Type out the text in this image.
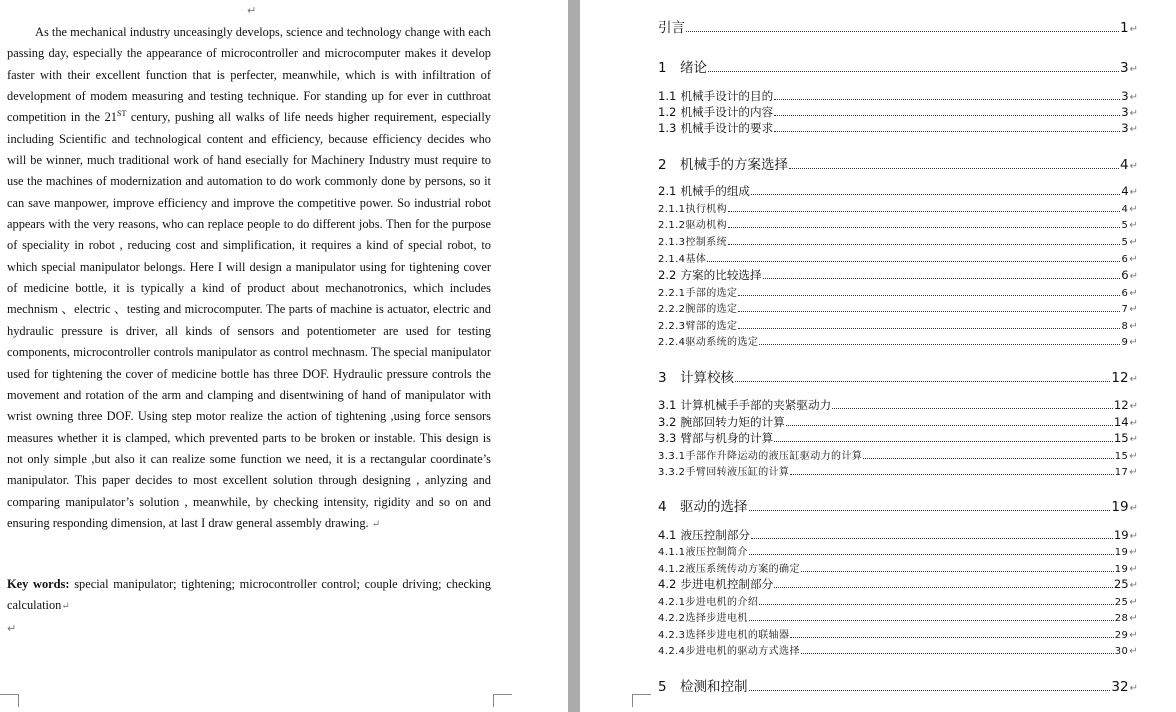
↵

As the mechanical industry unceasingly develops, science and technology change with each passing day, especially the appearance of microcontroller and microcomputer makes it develop faster with their excellent function that is perfecter, meanwhile, which is with infiltration of development of modem measuring and testing technique. For standing up for ever in cutthroat competition in the 21ST century, pushing all walks of life needs higher requirement, especially including Scientific and technological content and efficiency, because efficiency decides who will be winner, much traditional work of hand esecially for Machinery Industry must require to use the machines of modernization and automation to do work commonly done by persons, so it can save manpower, improve efficiency and improve the competitive power. So industrial robot appears with the very reasons, who can replace people to do different jobs. Then for the purpose of speciality in robot , reducing cost and simplification, it requires a kind of special robot, to which special manipulator belongs. Here I will design a manipulator using for tightening cover of medicine bottle, it is typically a kind of product about mechanotronics, which includes mechnism 、electric 、testing and microcomputer. The parts of machine is actuator, electric and hydraulic pressure is driver, all kinds of sensors and potentiometer are used for testing components, microcontroller controls manipulator as control mechnasm. The special manipulator used for tightening the cover of medicine bottle has three DOF. Hydraulic pressure controls the movement and rotation of the arm and clamping and disentwining of hand of manipulator with wrist owning three DOF. Using step motor realize the action of tightening ,using force sensors measures whether it is clamped, which prevented parts to be broken or instable. This design is not only simple ,but also it can realize some function we need, it is a rectangular coordinate’s manipulator. This paper decides to most excellent solution through designing , anlyzing and comparing manipulator’s solution , meanwhile, by checking intensity, rigidity and so on and ensuring responding dimension, at last I draw general assembly drawing. ↵

Key words: special manipulator; tightening; microcontroller control; couple driving; checking calculation↵
↵
引言	1 ↵
1 绪论	3 ↵
1.1 机械手设计的目的	3 ↵
1.2 机械手设计的内容	3 ↵
1.3 机械手设计的要求	3 ↵
2 机械手的方案选择	4 ↵
2.1 机械手的组成	4 ↵
2.1.1执行机构	4 ↵
2.1.2驱动机构	5 ↵
2.1.3控制系统	5 ↵
2.1.4基体	6 ↵
2.2 方案的比较选择	6 ↵
2.2.1手部的选定	6 ↵
2.2.2腕部的选定	7 ↵
2.2.3臂部的选定	8 ↵
2.2.4驱动系统的选定	9 ↵
3 计算校核	12 ↵
3.1 计算机械手手部的夹紧驱动力	12 ↵
3.2 腕部回转力矩的计算	14 ↵
3.3 臂部与机身的计算	15 ↵
3.3.1手部作升降运动的液压缸驱动力的计算	15 ↵
3.3.2手臂回转液压缸的计算	17 ↵
4 驱动的选择	19 ↵
4.1 液压控制部分	19 ↵
4.1.1液压控制简介	19 ↵
4.1.2液压系统传动方案的确定	19 ↵
4.2 步进电机控制部分	25 ↵
4.2.1步进电机的介绍	25 ↵
4.2.2选择步进电机	28 ↵
4.2.3选择步进电机的联轴器	29 ↵
4.2.4步进电机的驱动方式选择	30 ↵
5 检测和控制	32 ↵
